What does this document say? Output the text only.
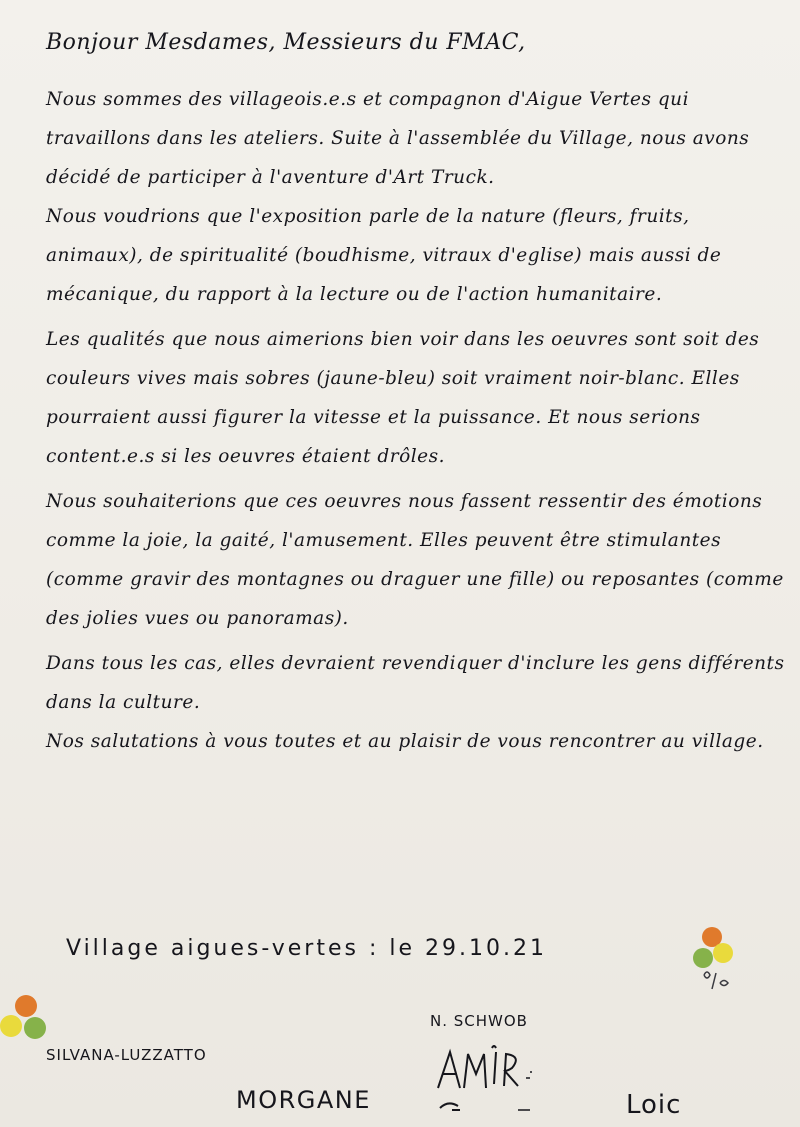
Bonjour Mesdames, Messieurs du FMAC,

Nous sommes des villageois.e.s et compagnon d'Aigue Vertes qui travaillons dans les ateliers. Suite à l'assemblée du Village, nous avons décidé de participer à l'aventure d'Art Truck.

Nous voudrions que l'exposition parle de la nature (fleurs, fruits, animaux), de spiritualité (boudhisme, vitraux d'eglise) mais aussi de mécanique, du rapport à la lecture ou de l'action humanitaire.

Les qualités que nous aimerions bien voir dans les oeuvres sont soit des couleurs vives mais sobres (jaune-bleu) soit vraiment noir-blanc. Elles pourraient aussi figurer la vitesse et la puissance. Et nous serions content.e.s si les oeuvres étaient drôles.

Nous souhaiterions que ces oeuvres nous fassent ressentir des émotions comme la joie, la gaité, l'amusement. Elles peuvent être stimulantes (comme gravir des montagnes ou draguer une fille) ou reposantes (comme des jolies vues ou panoramas).

Dans tous les cas, elles devraient revendiquer d'inclure les gens différents dans la culture.

Nos salutations à vous toutes et au plaisir de vous rencontrer au village.

Village aigues-vertes : le 29.10.21
N. SCHWOB
SILVANA-LUZZATTO
MORGANE	Loic
